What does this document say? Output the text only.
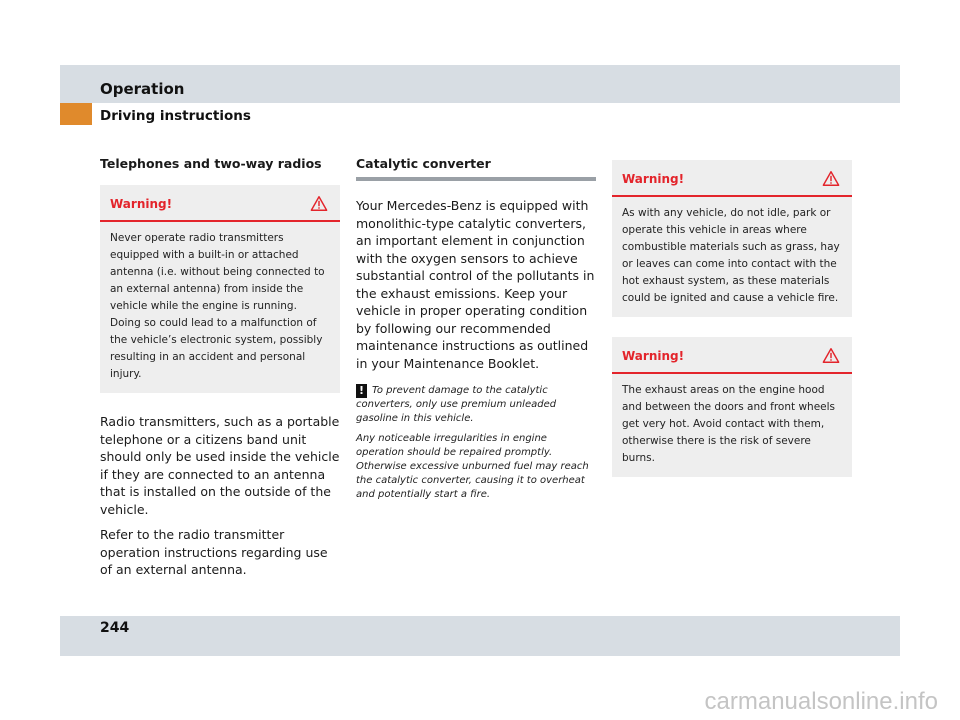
Operation
Driving instructions
Telephones and two-way radios
Warning!
Never operate radio transmitters equipped with a built-in or attached antenna (i.e. without being connected to an external antenna) from inside the vehicle while the engine is running. Doing so could lead to a malfunction of the vehicle’s electronic system, possibly resulting in an accident and personal injury.

Radio transmitters, such as a portable telephone or a citizens band unit should only be used inside the vehicle if they are connected to an antenna that is installed on the outside of the vehicle.

Refer to the radio transmitter operation instructions regarding use of an external antenna.

Catalytic converter

Your Mercedes-Benz is equipped with monolithic-type catalytic converters, an important element in conjunction with the oxygen sensors to achieve substantial control of the pollutants in the exhaust emissions. Keep your vehicle in proper operating condition by following our recommended maintenance instructions as outlined in your Maintenance Booklet.

! To prevent damage to the catalytic converters, only use premium unleaded gasoline in this vehicle.

Any noticeable irregularities in engine operation should be repaired promptly. Otherwise excessive unburned fuel may reach the catalytic converter, causing it to overheat and potentially start a fire.

Warning!
As with any vehicle, do not idle, park or operate this vehicle in areas where combustible materials such as grass, hay or leaves can come into contact with the hot exhaust system, as these materials could be ignited and cause a vehicle fire.
Warning!
The exhaust areas on the engine hood and between the doors and front wheels get very hot. Avoid contact with them, otherwise there is the risk of severe burns.
244
carmanualsonline.info
